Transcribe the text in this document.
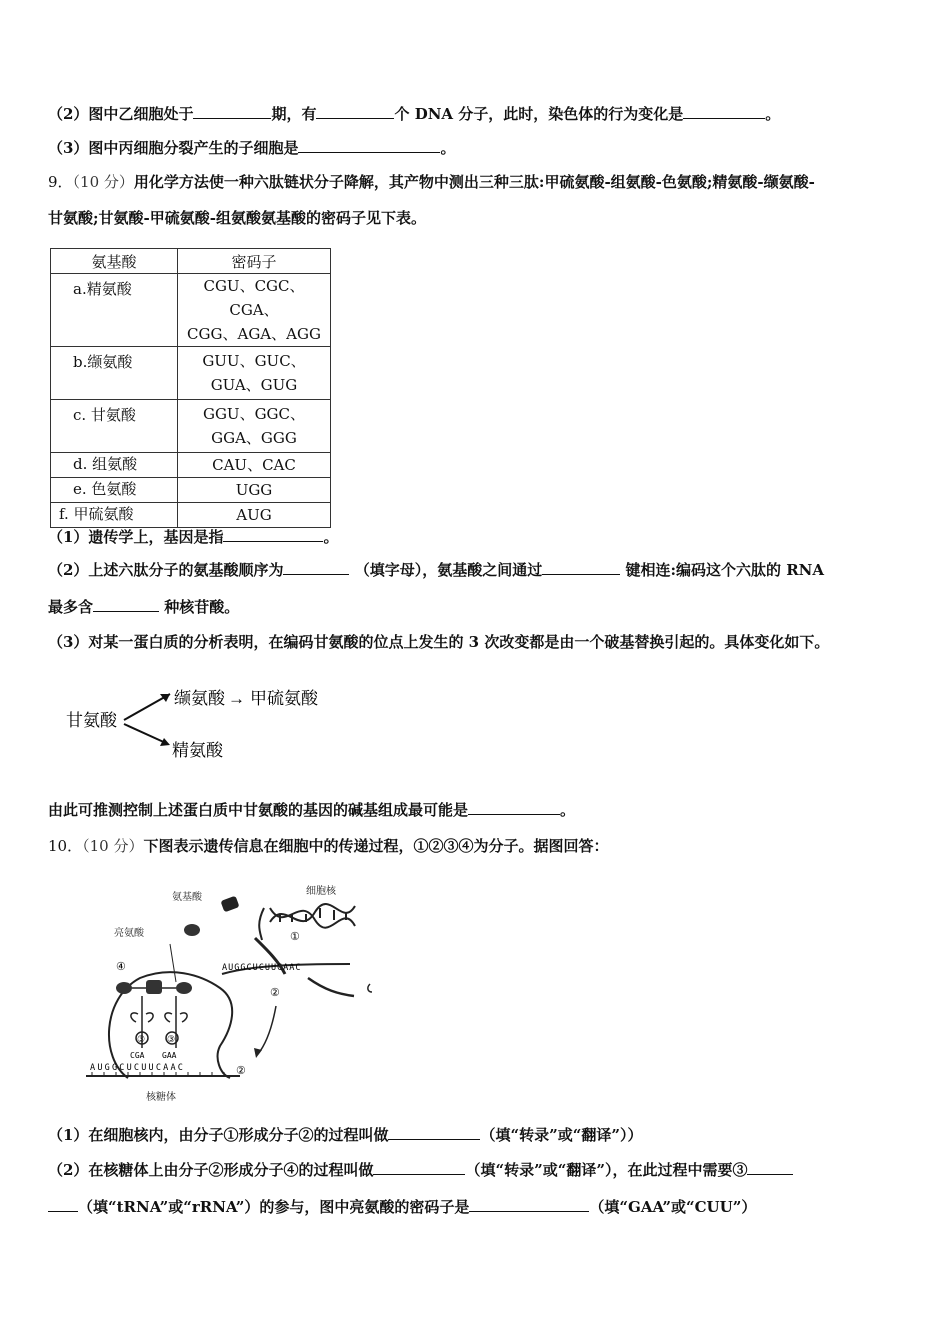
（2）图中乙细胞处于	期，有	个 DNA 分子，此时，染色体的行为变化是	。
（3）图中丙细胞分裂产生的子细胞是	。
9．（10 分）用化学方法使一种六肽链状分子降解，其产物中测出三种三肽:甲硫氨酸-组氨酸-色氨酸;精氨酸-缬氨酸-
甘氨酸;甘氨酸-甲硫氨酸-组氨酸氨基酸的密码子见下表。
氨基酸	密码子
a.精氨酸	CGU、CGC、CGA、
CGG、AGA、AGG

b.缬氨酸	GUU、GUC、
GUA、GUG

c. 甘氨酸	GGU、GGC、
GGA、GGG

d. 组氨酸	CAU、CAC
e. 色氨酸	UGG
f. 甲硫氨酸	AUG
（1）遗传学上，基因是指	。
（2）上述六肽分子的氨基酸顺序为	（填字母），氨基酸之间通过	键相连:编码这个六肽的 RNA
最多含	种核苷酸。
（3）对某一蛋白质的分析表明，在编码甘氨酸的位点上发生的 3 次改变都是由一个破基替换引起的。具体变化如下。
甘氨酸
缬氨酸 → 甲硫氨酸
精氨酸
由此可推测控制上述蛋白质中甘氨酸的基因的碱基组成最可能是	。
10．（10 分）下图表示遗传信息在细胞中的传递过程，①②③④为分子。据图回答：
氨基酸
细胞核
亮氨酸
核糖体
①
AUGGCUCUUCAAC
②
④
③ ③
CGA GAA
AUGGCUCUUCAAC	②
（1）在细胞核内，由分子①形成分子②的过程叫做	（填“转录”或“翻译”））
（2）在核糖体上由分子②形成分子④的过程叫做	（填“转录”或“翻译”），在此过程中需要③
（填“tRNA”或“rRNA”）的参与，图中亮氨酸的密码子是	（填“GAA”或“CUU”）
